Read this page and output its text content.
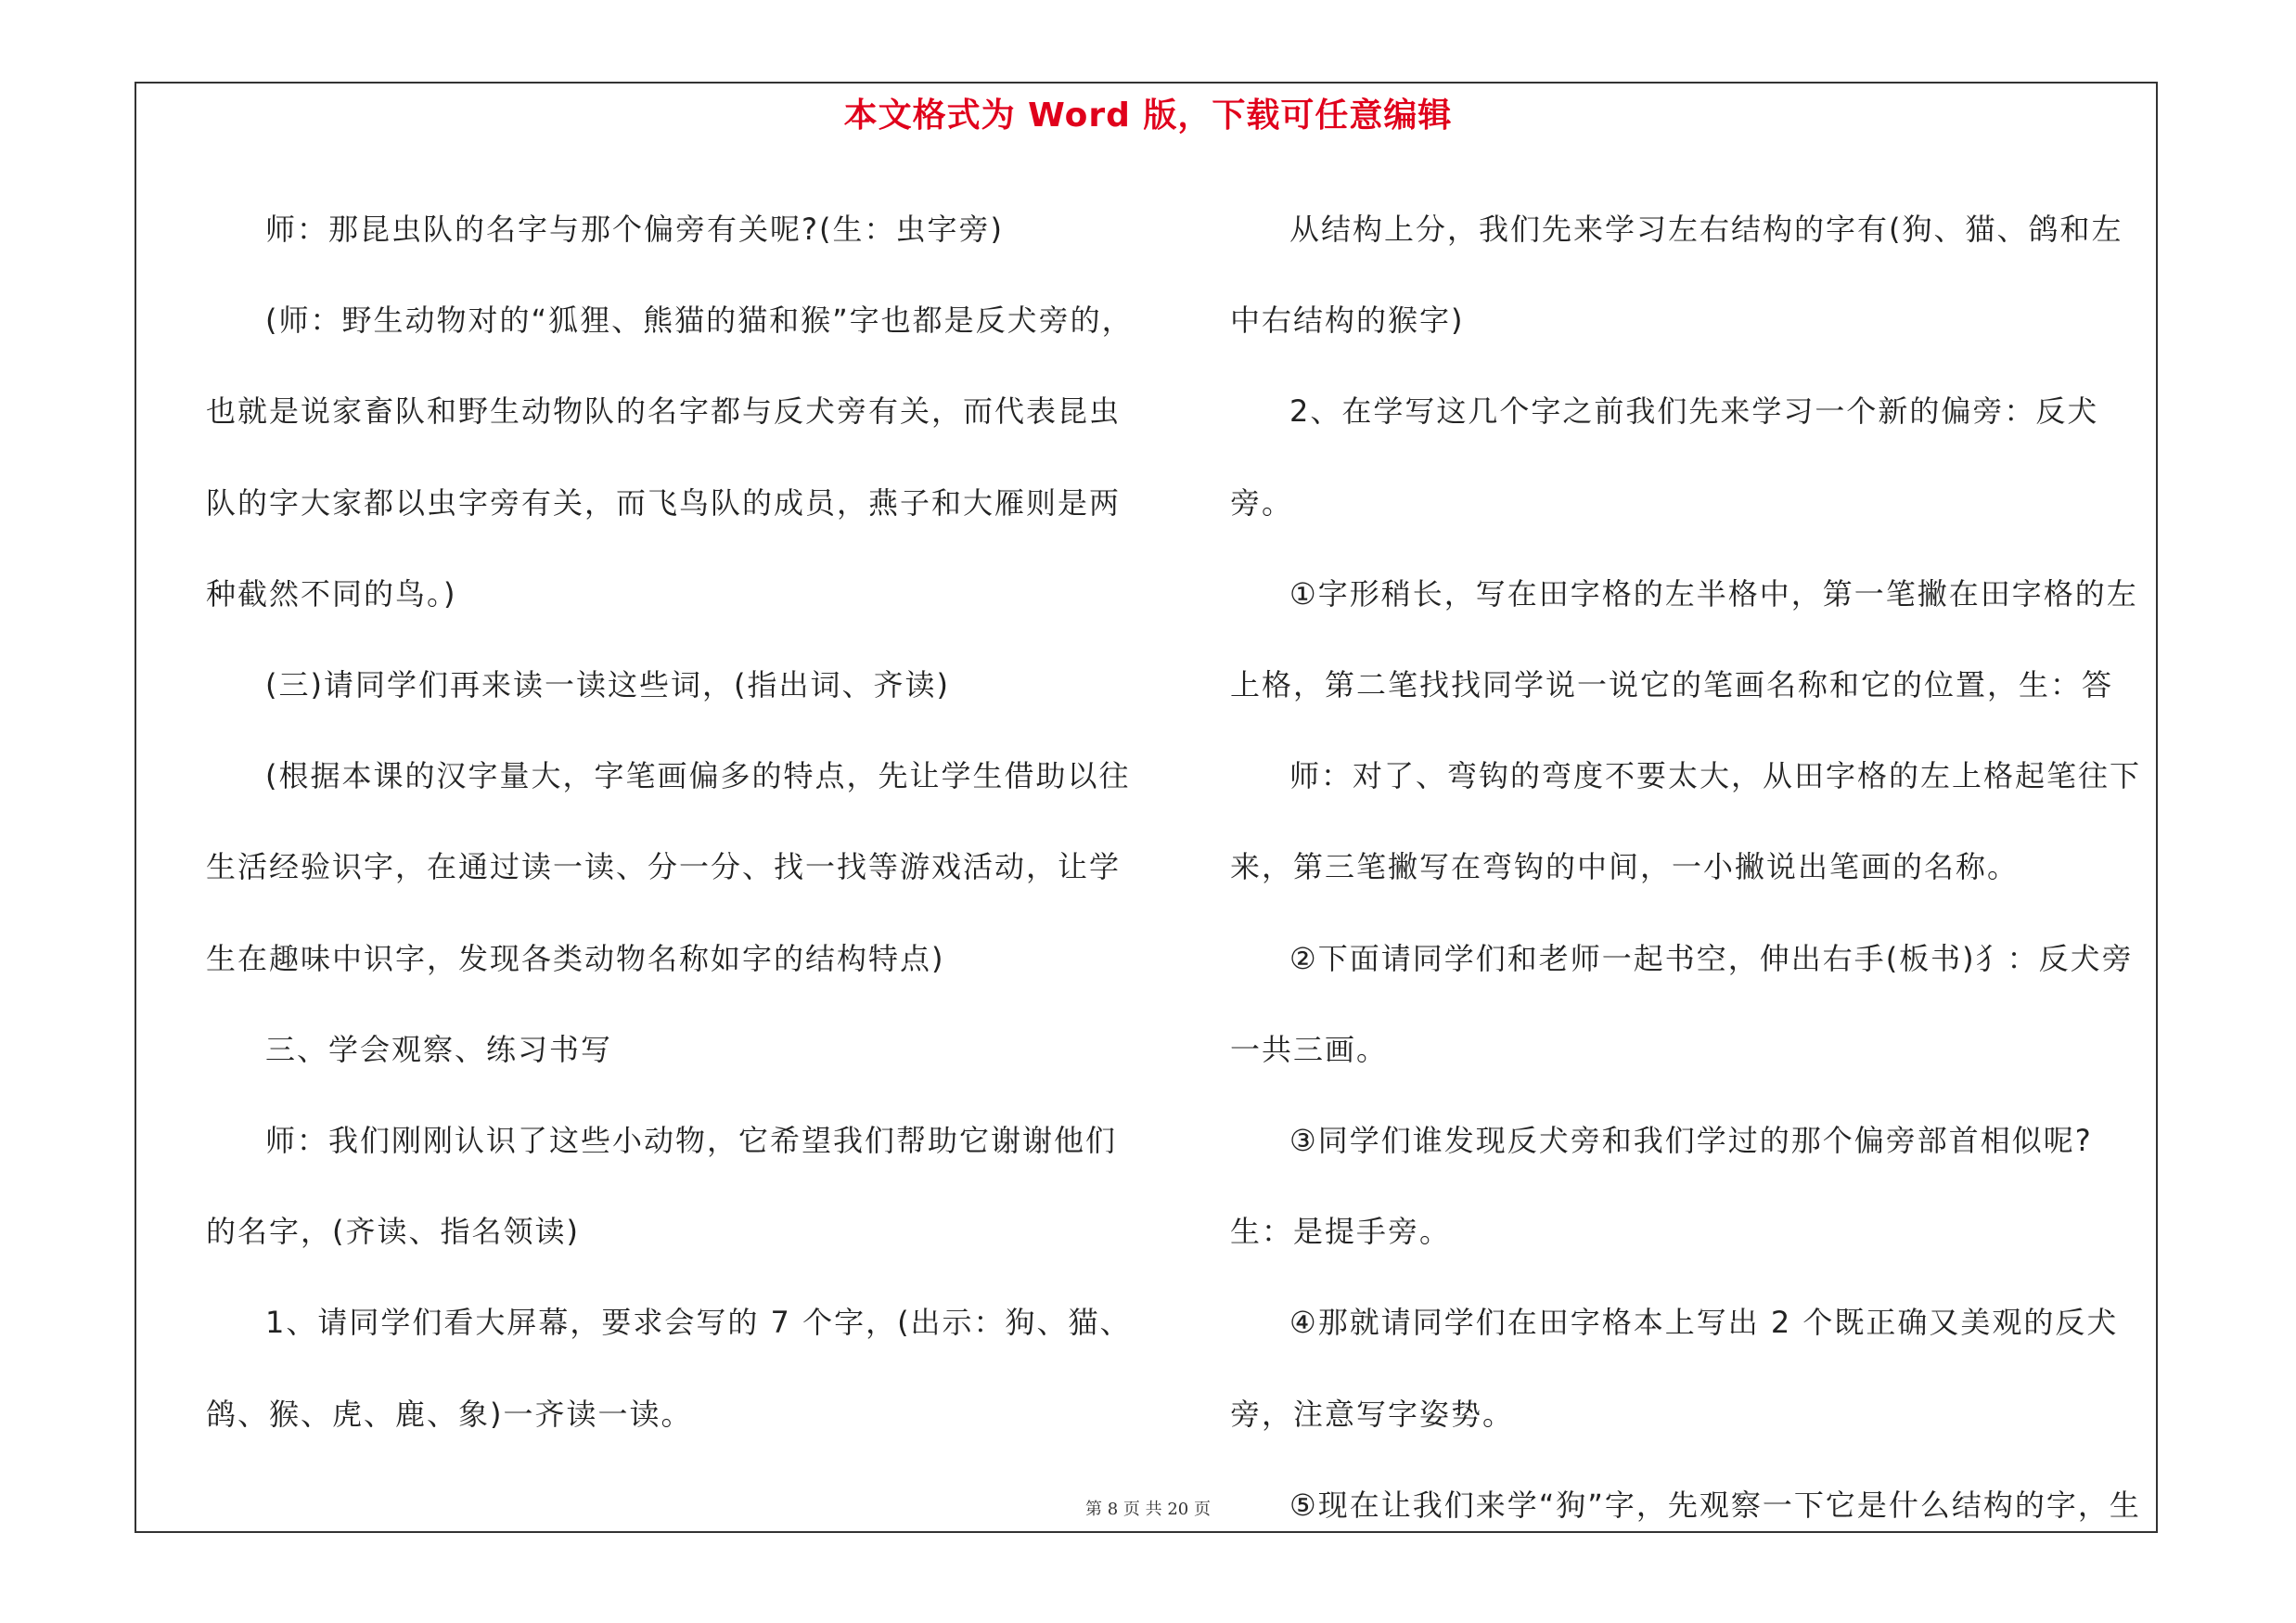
本文格式为 Word 版，下载可任意编辑

师：那昆虫队的名字与那个偏旁有关呢?(生：虫字旁)

(师：野生动物对的“狐狸、熊猫的猫和猴”字也都是反犬旁的，也就是说家畜队和野生动物队的名字都与反犬旁有关，而代表昆虫队的字大家都以虫字旁有关，而飞鸟队的成员，燕子和大雁则是两种截然不同的鸟。)

(三)请同学们再来读一读这些词，(指出词、齐读)

(根据本课的汉字量大，字笔画偏多的特点，先让学生借助以往生活经验识字，在通过读一读、分一分、找一找等游戏活动，让学生在趣味中识字，发现各类动物名称如字的结构特点)

三、学会观察、练习书写

师：我们刚刚认识了这些小动物，它希望我们帮助它谢谢他们的名字，(齐读、指名领读)

1、请同学们看大屏幕，要求会写的 7 个字，(出示：狗、猫、鸽、猴、虎、鹿、象)一齐读一读。

从结构上分，我们先来学习左右结构的字有(狗、猫、鸽和左中右结构的猴字)

2、在学写这几个字之前我们先来学习一个新的偏旁：反犬旁。

①字形稍长，写在田字格的左半格中，第一笔撇在田字格的左上格，第二笔找找同学说一说它的笔画名称和它的位置，生：答

师：对了、弯钩的弯度不要太大，从田字格的左上格起笔往下来，第三笔撇写在弯钩的中间，一小撇说出笔画的名称。

②下面请同学们和老师一起书空，伸出右手(板书)犭：反犬旁一共三画。

③同学们谁发现反犬旁和我们学过的那个偏旁部首相似呢?生：是提手旁。

④那就请同学们在田字格本上写出 2 个既正确又美观的反犬旁，注意写字姿势。

⑤现在让我们来学“狗”字，先观察一下它是什么结构的字，生

第 8 页 共 20 页
